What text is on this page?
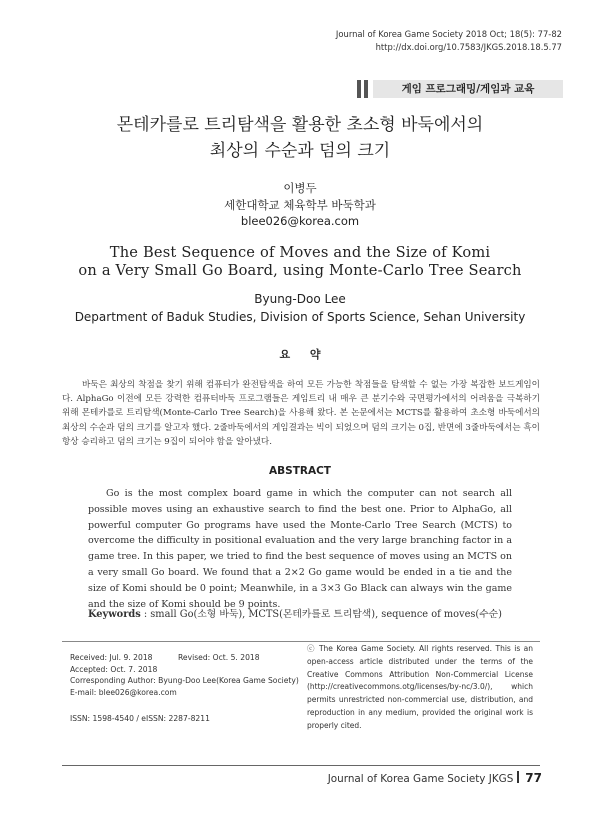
Journal of Korea Game Society 2018 Oct; 18(5): 77-82
http://dx.doi.org/10.7583/JKGS.2018.18.5.77
게임 프로그래밍/게임과 교육
몬테카를로 트리탐색을 활용한 초소형 바둑에서의
최상의 수순과 덤의 크기
이병두
세한대학교 체육학부 바둑학과
blee026@korea.com
The Best Sequence of Moves and the Size of Komi
on a Very Small Go Board, using Monte-Carlo Tree Search
Byung-Doo Lee
Department of Baduk Studies, Division of Sports Science, Sehan University
요 약

바둑은 최상의 착점을 찾기 위해 컴퓨터가 완전탐색을 하여 모든 가능한 착점들을 탐색할 수 없는 가장 복잡한 보드게임이다. AlphaGo 이전에 모든 강력한 컴퓨터바둑 프로그램들은 게임트리 내 매우 큰 분기수와 국면평가에서의 어려움을 극복하기 위해 몬테카를로 트리탐색(Monte-Carlo Tree Search)을 사용해 왔다. 본 논문에서는 MCTS를 활용하여 초소형 바둑에서의 최상의 수순과 덤의 크기를 알고자 했다. 2줄바둑에서의 게임결과는 빅이 되었으며 덤의 크기는 0집, 반면에 3줄바둑에서는 흑이 항상 승리하고 덤의 크기는 9집이 되어야 함을 알아냈다.

ABSTRACT

Go is the most complex board game in which the computer can not search all possible moves using an exhaustive search to find the best one. Prior to AlphaGo, all powerful computer Go programs have used the Monte-Carlo Tree Search (MCTS) to overcome the difficulty in positional evaluation and the very large branching factor in a game tree. In this paper, we tried to find the best sequence of moves using an MCTS on a very small Go board. We found that a 2×2 Go game would be ended in a tie and the size of Komi should be 0 point; Meanwhile, in a 3×3 Go Black can always win the game and the size of Komi should be 9 points.

Keywords : small Go(소형 바둑), MCTS(몬테카를로 트리탐색), sequence of moves(수순)
Received: Jul. 9. 2018	Revised: Oct. 5. 2018
Accepted: Oct. 7. 2018
Corresponding Author: Byung-Doo Lee(Korea Game Society)
E-mail: blee026@korea.com
ISSN: 1598-4540 / eISSN: 2287-8211
ⓒ The Korea Game Society. All rights reserved. This is an open-access article distributed under the terms of the Creative Commons Attribution Non-Commercial License (http://creativecommons.otg/licenses/by-nc/3.0/), which permits unrestricted non-commercial use, distribution, and reproduction in any medium, provided the original work is properly cited.
Journal of Korea Game Society JKGS 77
